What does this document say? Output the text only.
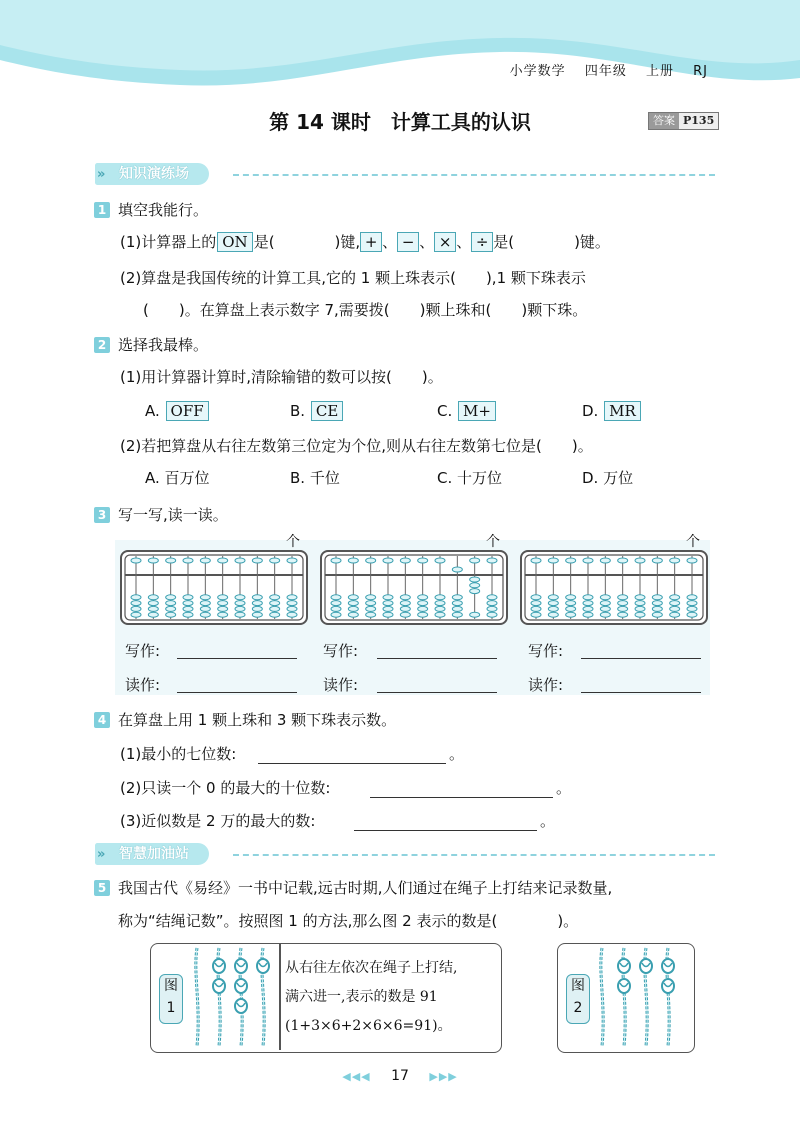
小学数学 四年级 上册 RJ
第 14 课时　计算工具的认识	答案 P135
知识演练场
»
1 填空我能行。
(1)计算器上的 ON 是(　　　　)键, + 、 − 、 × 、 ÷ 是(　　　　)键。
(2)算盘是我国传统的计算工具,它的 1 颗上珠表示(　　),1 颗下珠表示
(　　)。在算盘上表示数字 7,需要拨(　　)颗上珠和(　　)颗下珠。
2 选择我最棒。
(1)用计算器计算时,清除输错的数可以按(　　)。
A. OFF	B. CE	C. M+	D. MR
(2)若把算盘从右往左数第三位定为个位,则从右往左数第七位是(　　)。
A. 百万位	B. 千位	C. 十万位	D. 万位
3 写一写,读一读。
写作:
读作:
写作:
读作:
写作:
读作:
个	个	个
4 在算盘上用 1 颗上珠和 3 颗下珠表示数。
(1)最小的七位数:	。
(2)只读一个 0 的最大的十位数:	。
(3)近似数是 2 万的最大的数:	。
智慧加油站
»
5 我国古代《易经》一书中记载,远古时期,人们通过在绳子上打结来记录数量,
称为“结绳记数”。按照图 1 的方法,那么图 2 表示的数是(　　　　)。
图
1
从右往左依次在绳子上打结,
满六进一,表示的数是 91
(1+3×6+2×6×6=91)。
图
2
◀◀◀ 17 ▶▶▶
